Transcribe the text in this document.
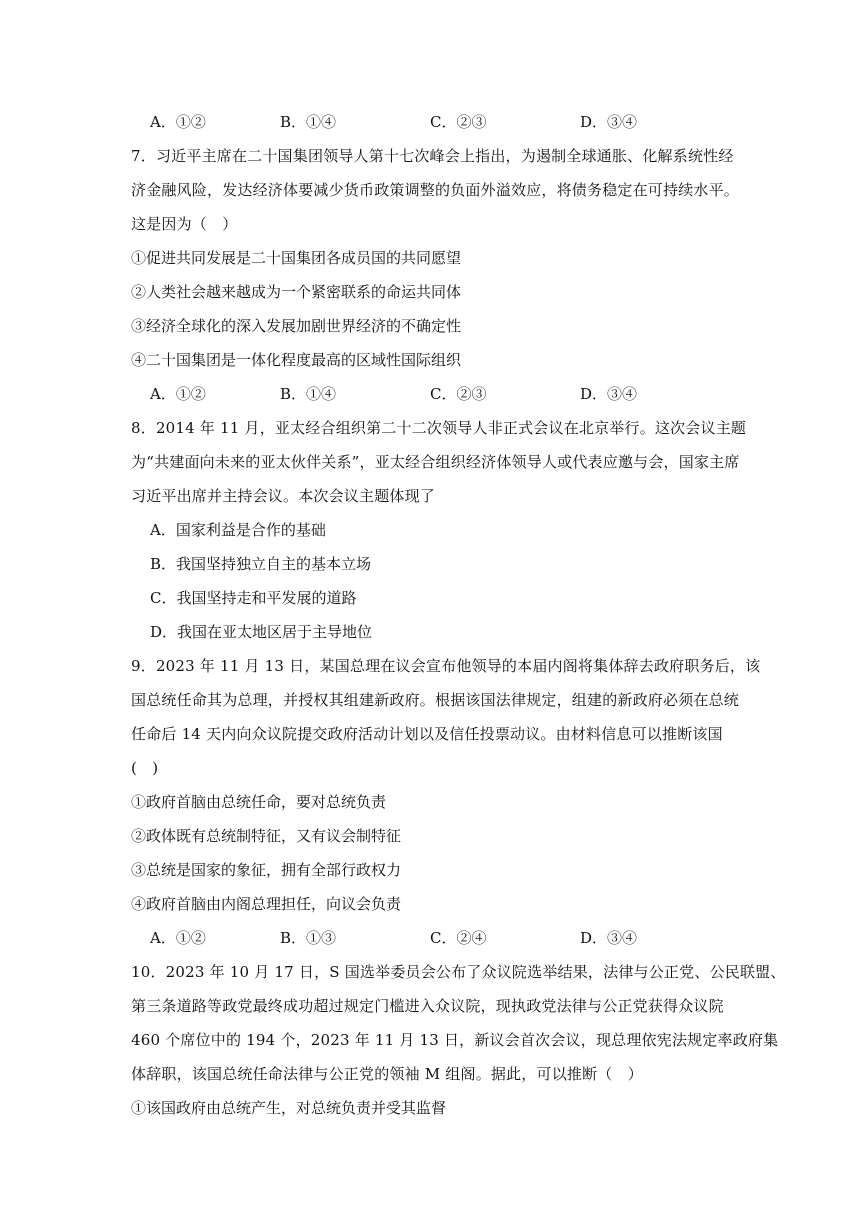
A．①②	B．①④	C．②③	D．③④
7．习近平主席在二十国集团领导人第十七次峰会上指出，为遏制全球通胀、化解系统性经
济金融风险，发达经济体要减少货币政策调整的负面外溢效应，将债务稳定在可持续水平。
这是因为（　）
①促进共同发展是二十国集团各成员国的共同愿望
②人类社会越来越成为一个紧密联系的命运共同体
③经济全球化的深入发展加剧世界经济的不确定性
④二十国集团是一体化程度最高的区域性国际组织
A．①②	B．①④	C．②③	D．③④
8．2014 年 11 月，亚太经合组织第二十二次领导人非正式会议在北京举行。这次会议主题
为“共建面向未来的亚太伙伴关系”，亚太经合组织经济体领导人或代表应邀与会，国家主席
习近平出席并主持会议。本次会议主题体现了
A．国家利益是合作的基础
B．我国坚持独立自主的基本立场
C．我国坚持走和平发展的道路
D．我国在亚太地区居于主导地位
9．2023 年 11 月 13 日，某国总理在议会宣布他领导的本届内阁将集体辞去政府职务后，该
国总统任命其为总理，并授权其组建新政府。根据该国法律规定，组建的新政府必须在总统
任命后 14 天内向众议院提交政府活动计划以及信任投票动议。由材料信息可以推断该国
(　)
①政府首脑由总统任命，要对总统负责
②政体既有总统制特征，又有议会制特征
③总统是国家的象征，拥有全部行政权力
④政府首脑由内阁总理担任，向议会负责
A．①②	B．①③	C．②④	D．③④
10．2023 年 10 月 17 日，S 国选举委员会公布了众议院选举结果，法律与公正党、公民联盟、
第三条道路等政党最终成功超过规定门槛进入众议院，现执政党法律与公正党获得众议院
460 个席位中的 194 个，2023 年 11 月 13 日，新议会首次会议，现总理依宪法规定率政府集
体辞职，该国总统任命法律与公正党的领袖 M 组阁。据此，可以推断（　）
①该国政府由总统产生，对总统负责并受其监督
